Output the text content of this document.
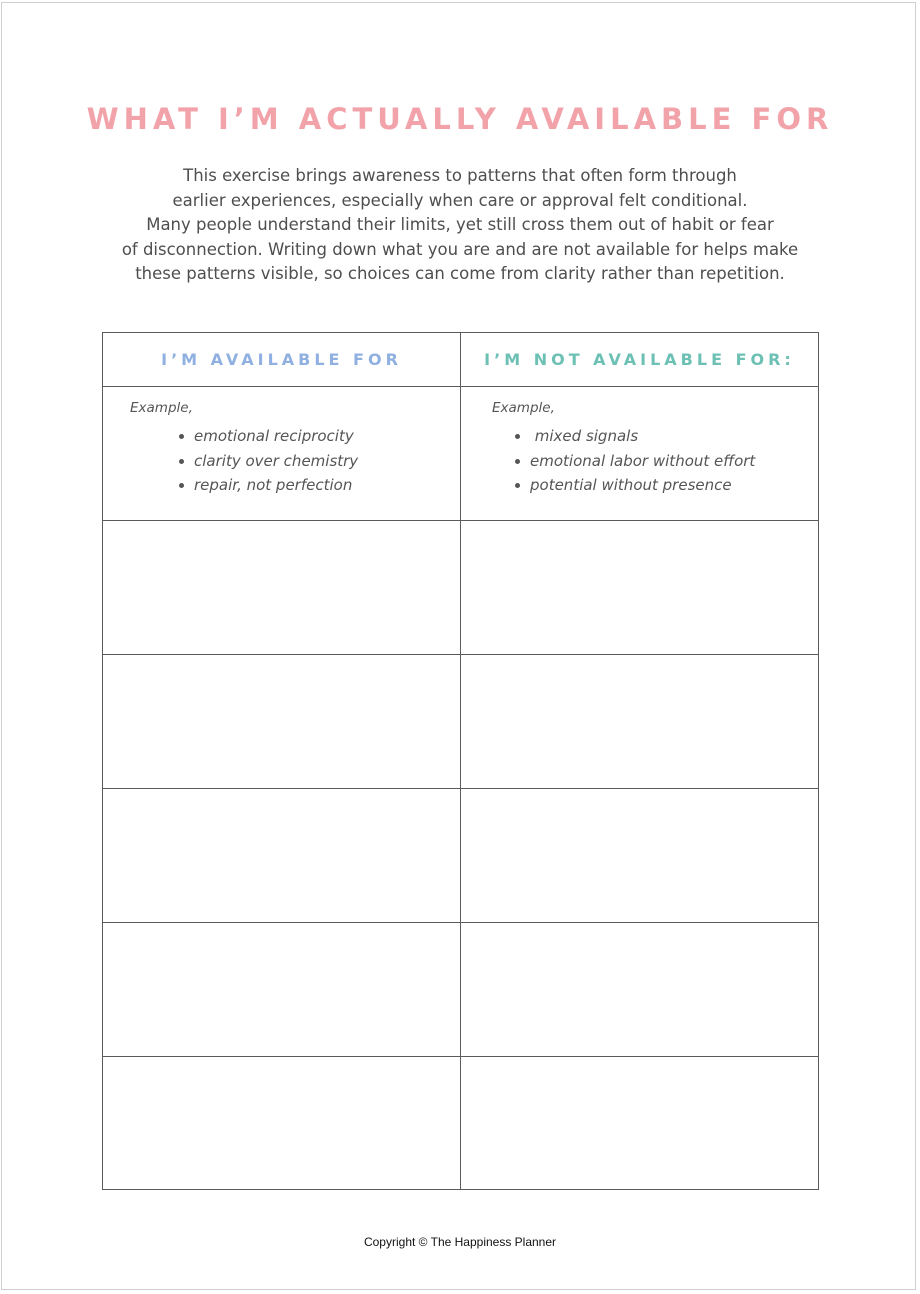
WHAT I’M ACTUALLY AVAILABLE FOR
This exercise brings awareness to patterns that often form through
earlier experiences, especially when care or approval felt conditional.
Many people understand their limits, yet still cross them out of habit or fear
of disconnection. Writing down what you are and are not available for helps make
these patterns visible, so choices can come from clarity rather than repetition.
I’M AVAILABLE FOR	I’M NOT AVAILABLE FOR:
Example,
emotional reciprocity
clarity over chemistry
repair, not perfection
Example,
mixed signals
emotional labor without effort
potential without presence
Copyright © The Happiness Planner
